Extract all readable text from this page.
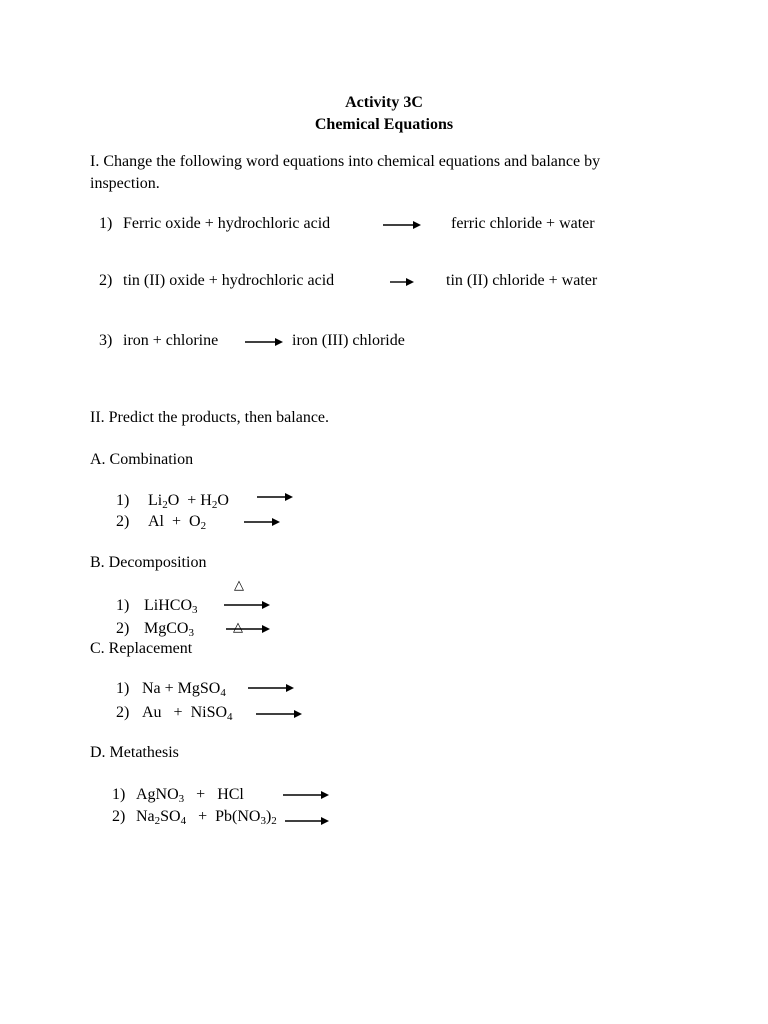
Activity 3C
Chemical Equations
I. Change the following word equations into chemical equations and balance by
inspection.
1) Ferric oxide + hydrochloric acid	ferric chloride + water
2) tin (II) oxide + hydrochloric acid	tin (II) chloride + water
3) iron + chlorine	iron (III) chloride
II. Predict the products, then balance.
A. Combination
1) $Li_2O + H_2O$
2) $Al + O_2$
B. Decomposition
△
1) LiHCO$_3$
2) MgCO$_3$	△
C. Replacement
1) Na + MgSO$_4$
2) Au   +  NiSO$_4$
D. Metathesis
1) AgNO$_3$   +   HCl
2) $Na_2SO_4 + Pb(NO_3)_2$
